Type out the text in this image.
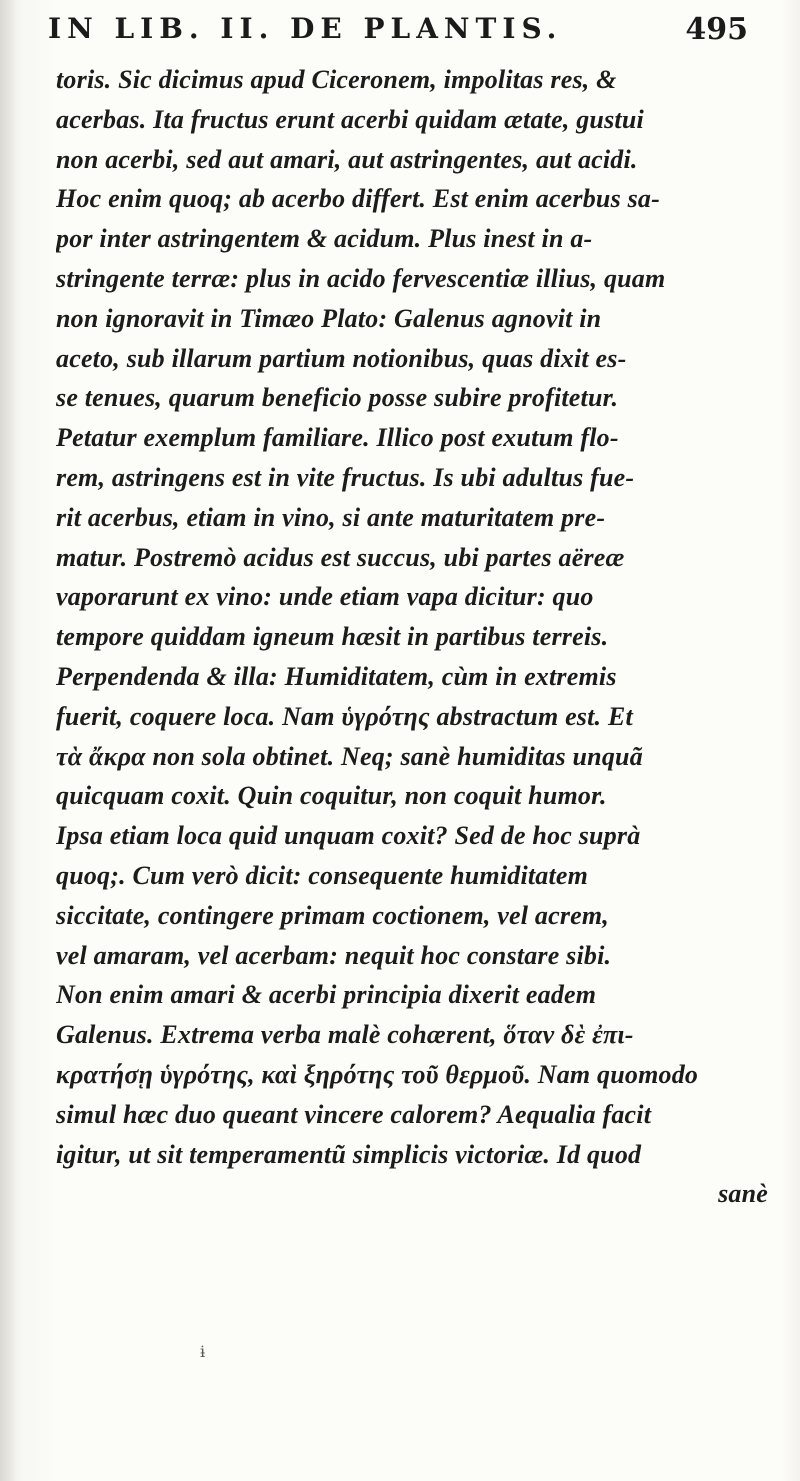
IN LIB. II. DE PLANTIS.	495
toris. Sic dicimus apud Ciceronem, impolitas res, &
acerbas. Ita fructus erunt acerbi quidam ætate, gustui
non acerbi, sed aut amari, aut astringentes, aut acidi.
Hoc enim quoq; ab acerbo differt. Est enim acerbus sa-
por inter astringentem & acidum. Plus inest in a-
stringente terræ: plus in acido fervescentiæ illius, quam
non ignoravit in Timæo Plato: Galenus agnovit in
aceto, sub illarum partium notionibus, quas dixit es-
se tenues, quarum beneficio posse subire profitetur.
Petatur exemplum familiare. Illico post exutum flo-
rem, astringens est in vite fructus. Is ubi adultus fue-
rit acerbus, etiam in vino, si ante maturitatem pre-
matur. Postremò acidus est succus, ubi partes aëreæ
vaporarunt ex vino: unde etiam vapa dicitur: quo
tempore quiddam igneum hæsit in partibus terreis.
Perpendenda & illa: Humiditatem, cùm in extremis
fuerit, coquere loca. Nam ὑγρότης abstractum est. Et
τὰ ἄκρα non sola obtinet. Neq; sanè humiditas unquã
quicquam coxit. Quin coquitur, non coquit humor.
Ipsa etiam loca quid unquam coxit? Sed de hoc suprà
quoq;. Cum verò dicit: consequente humiditatem
siccitate, contingere primam coctionem, vel acrem,
vel amaram, vel acerbam: nequit hoc constare sibi.
Non enim amari & acerbi principia dixerit eadem
Galenus. Extrema verba malè cohærent, ὅταν δὲ ἐπι-
κρατήσῃ ὑγρότης, καὶ ξηρότης τοῦ θερμοῦ. Nam quomodo
simul hæc duo queant vincere calorem? Aequalia facit
igitur, ut sit temperamentũ simplicis victoriæ. Id quod
sanè
ɨ
